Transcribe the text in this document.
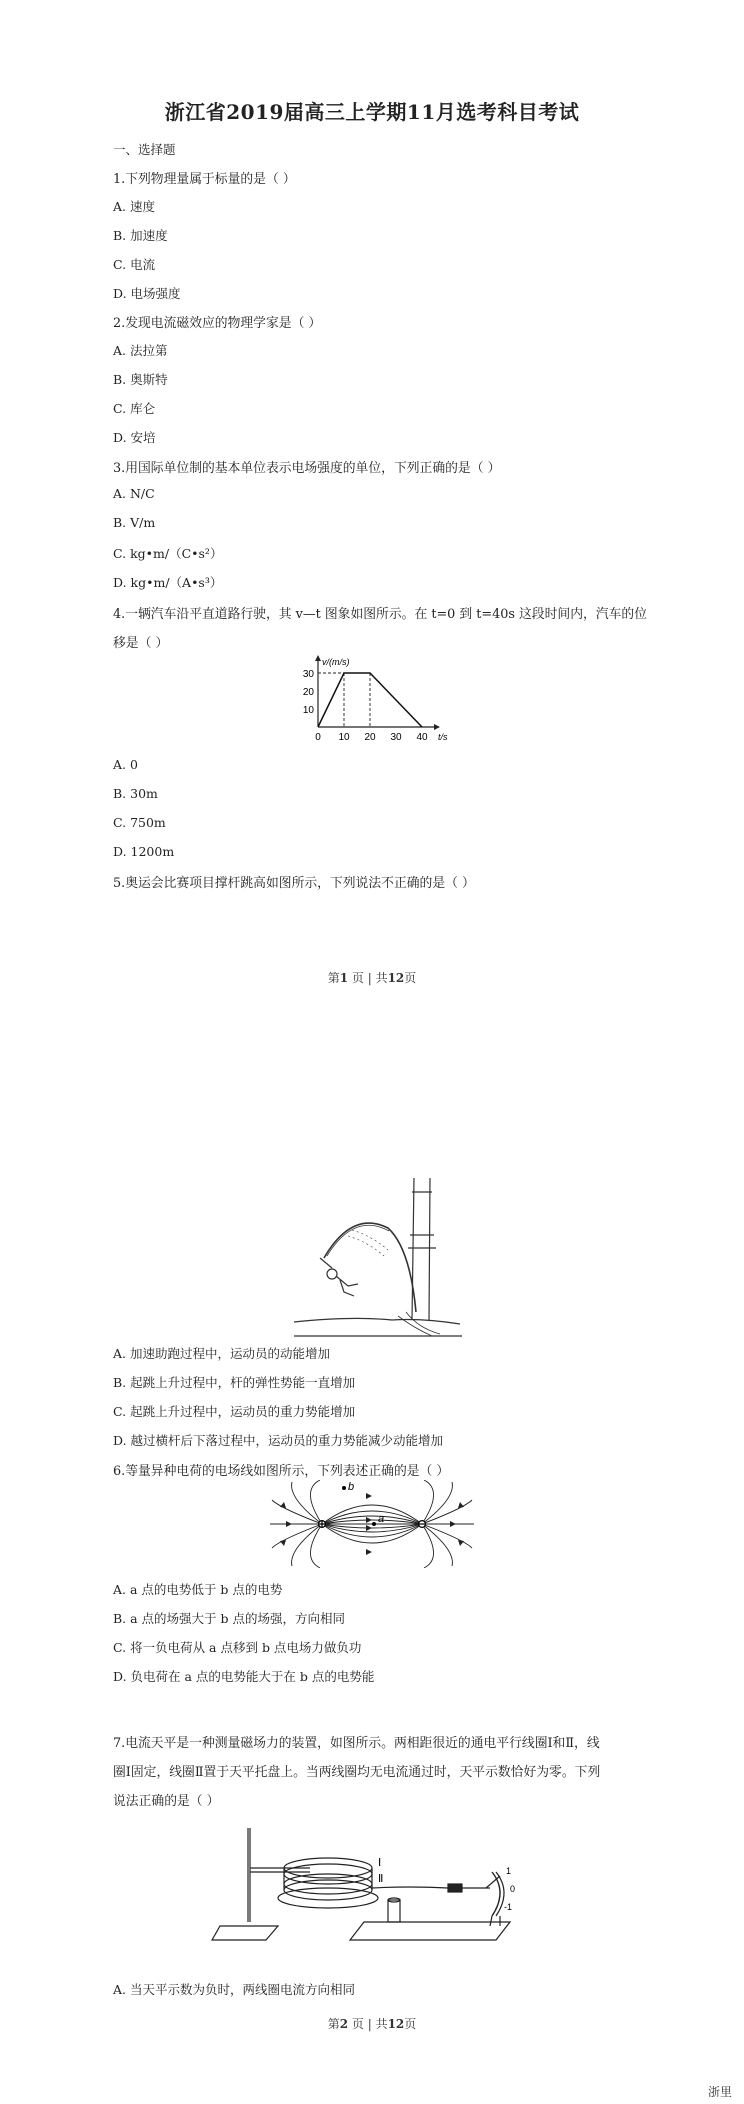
浙江省2019届高三上学期11月选考科目考试
一、选择题
1.下列物理量属于标量的是（ ）
A. 速度
B. 加速度
C. 电流
D. 电场强度
2.发现电流磁效应的物理学家是（ ）
A. 法拉第
B. 奥斯特
C. 库仑
D. 安培
3.用国际单位制的基本单位表示电场强度的单位，下列正确的是（ ）
A. N/C
B. V/m
C. kg•m/（C•s²）
D. kg•m/（A•s³）
4.一辆汽车沿平直道路行驶，其 v—t 图象如图所示。在 t=0 到 t=40s 这段时间内，汽车的位
移是（ ）
10
20
30
0 10 20 30 40
v/(m/s)
t/s
A. 0
B. 30m
C. 750m
D. 1200m
5.奥运会比赛项目撑杆跳高如图所示，下列说法不正确的是（ ）
第1 页 | 共12页
A. 加速助跑过程中，运动员的动能增加
B. 起跳上升过程中，杆的弹性势能一直增加
C. 起跳上升过程中，运动员的重力势能增加
D. 越过横杆后下落过程中，运动员的重力势能减少动能增加
6.等量异种电荷的电场线如图所示，下列表述正确的是（ ）
a
b
A. a 点的电势低于 b 点的电势
B. a 点的场强大于 b 点的场强，方向相同
C. 将一负电荷从 a 点移到 b 点电场力做负功
D. 负电荷在 a 点的电势能大于在 b 点的电势能
7.电流天平是一种测量磁场力的装置，如图所示。两相距很近的通电平行线圈Ⅰ和Ⅱ，线
圈Ⅰ固定，线圈Ⅱ置于天平托盘上。当两线圈均无电流通过时，天平示数恰好为零。下列
说法正确的是（ ）
Ⅰ
Ⅱ
1
0
-1
A. 当天平示数为负时，两线圈电流方向相同
第2 页 | 共12页
浙里
